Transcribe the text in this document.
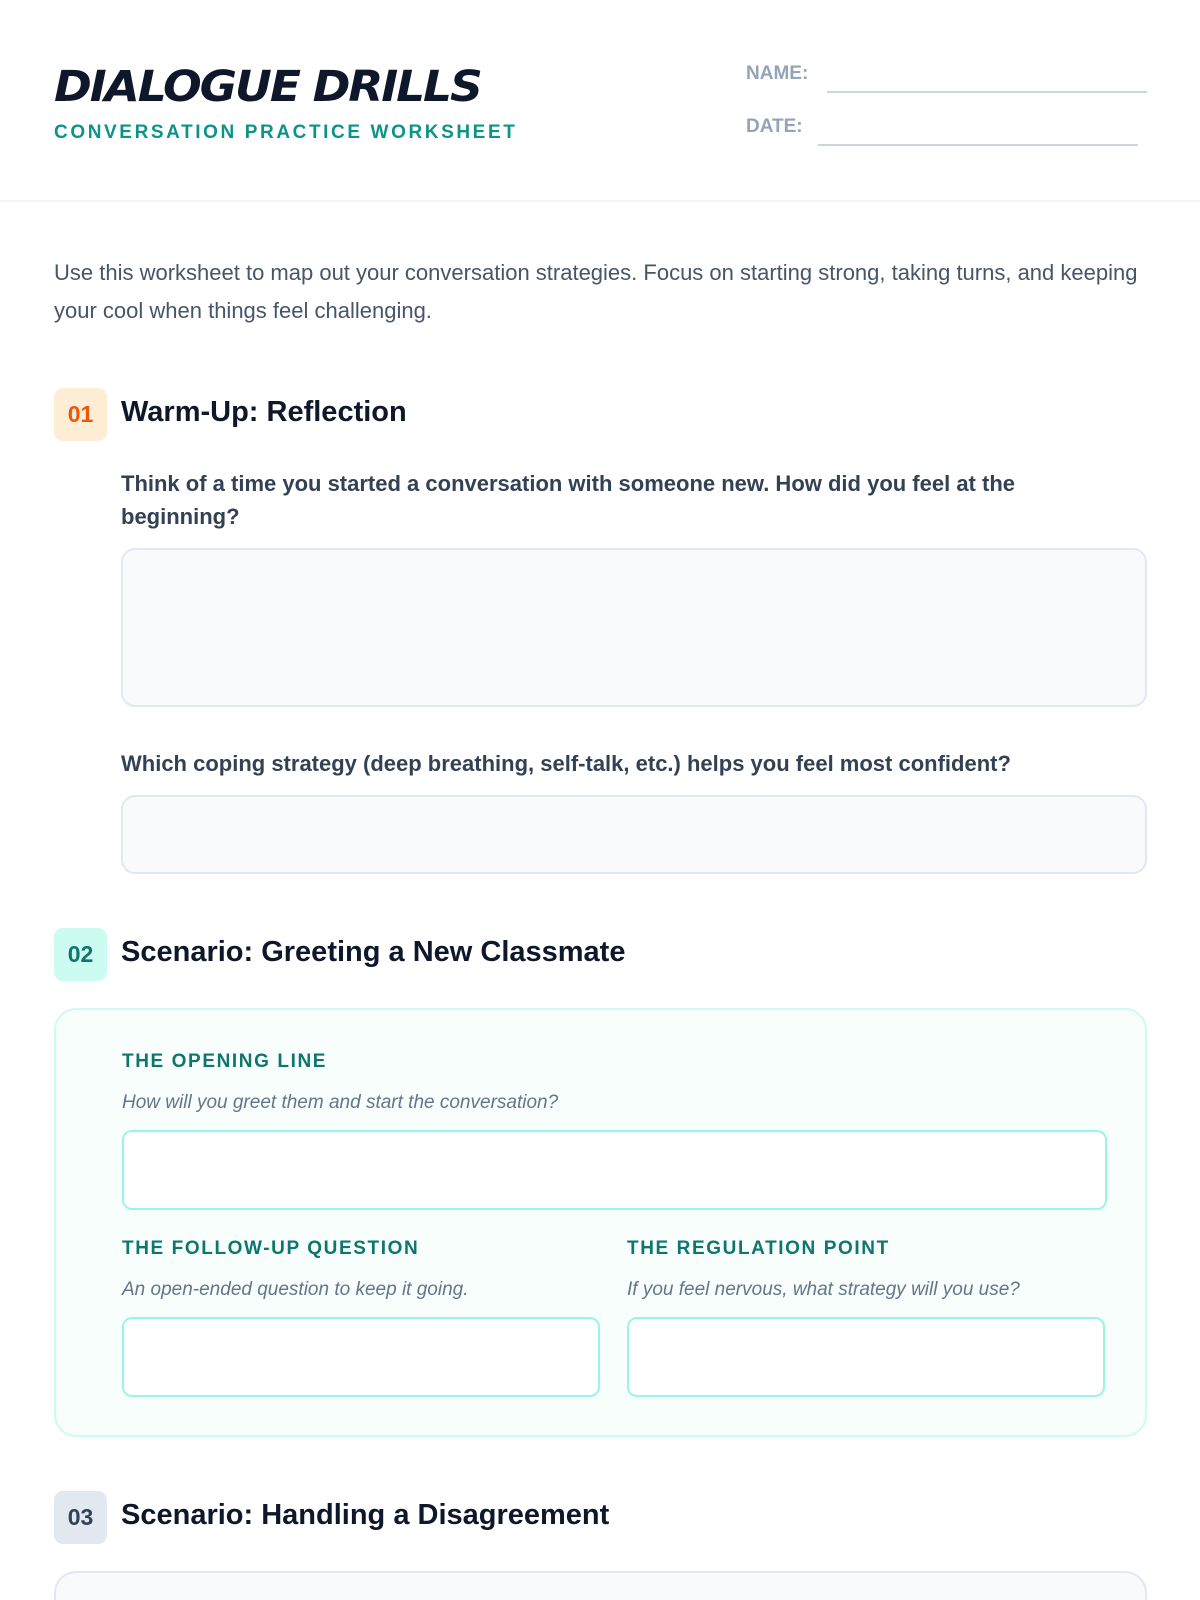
DIALOGUE DRILLS
CONVERSATION PRACTICE WORKSHEET
NAME:
DATE:
Use this worksheet to map out your conversation strategies. Focus on starting strong, taking turns, and keeping your cool when things feel challenging.
01 Warm-Up: Reflection
Think of a time you started a conversation with someone new. How did you feel at the beginning?
Which coping strategy (deep breathing, self-talk, etc.) helps you feel most confident?
02 Scenario: Greeting a New Classmate
THE OPENING LINE
How will you greet them and start the conversation?
THE FOLLOW-UP QUESTION
An open-ended question to keep it going.
THE REGULATION POINT
If you feel nervous, what strategy will you use?
03 Scenario: Handling a Disagreement
